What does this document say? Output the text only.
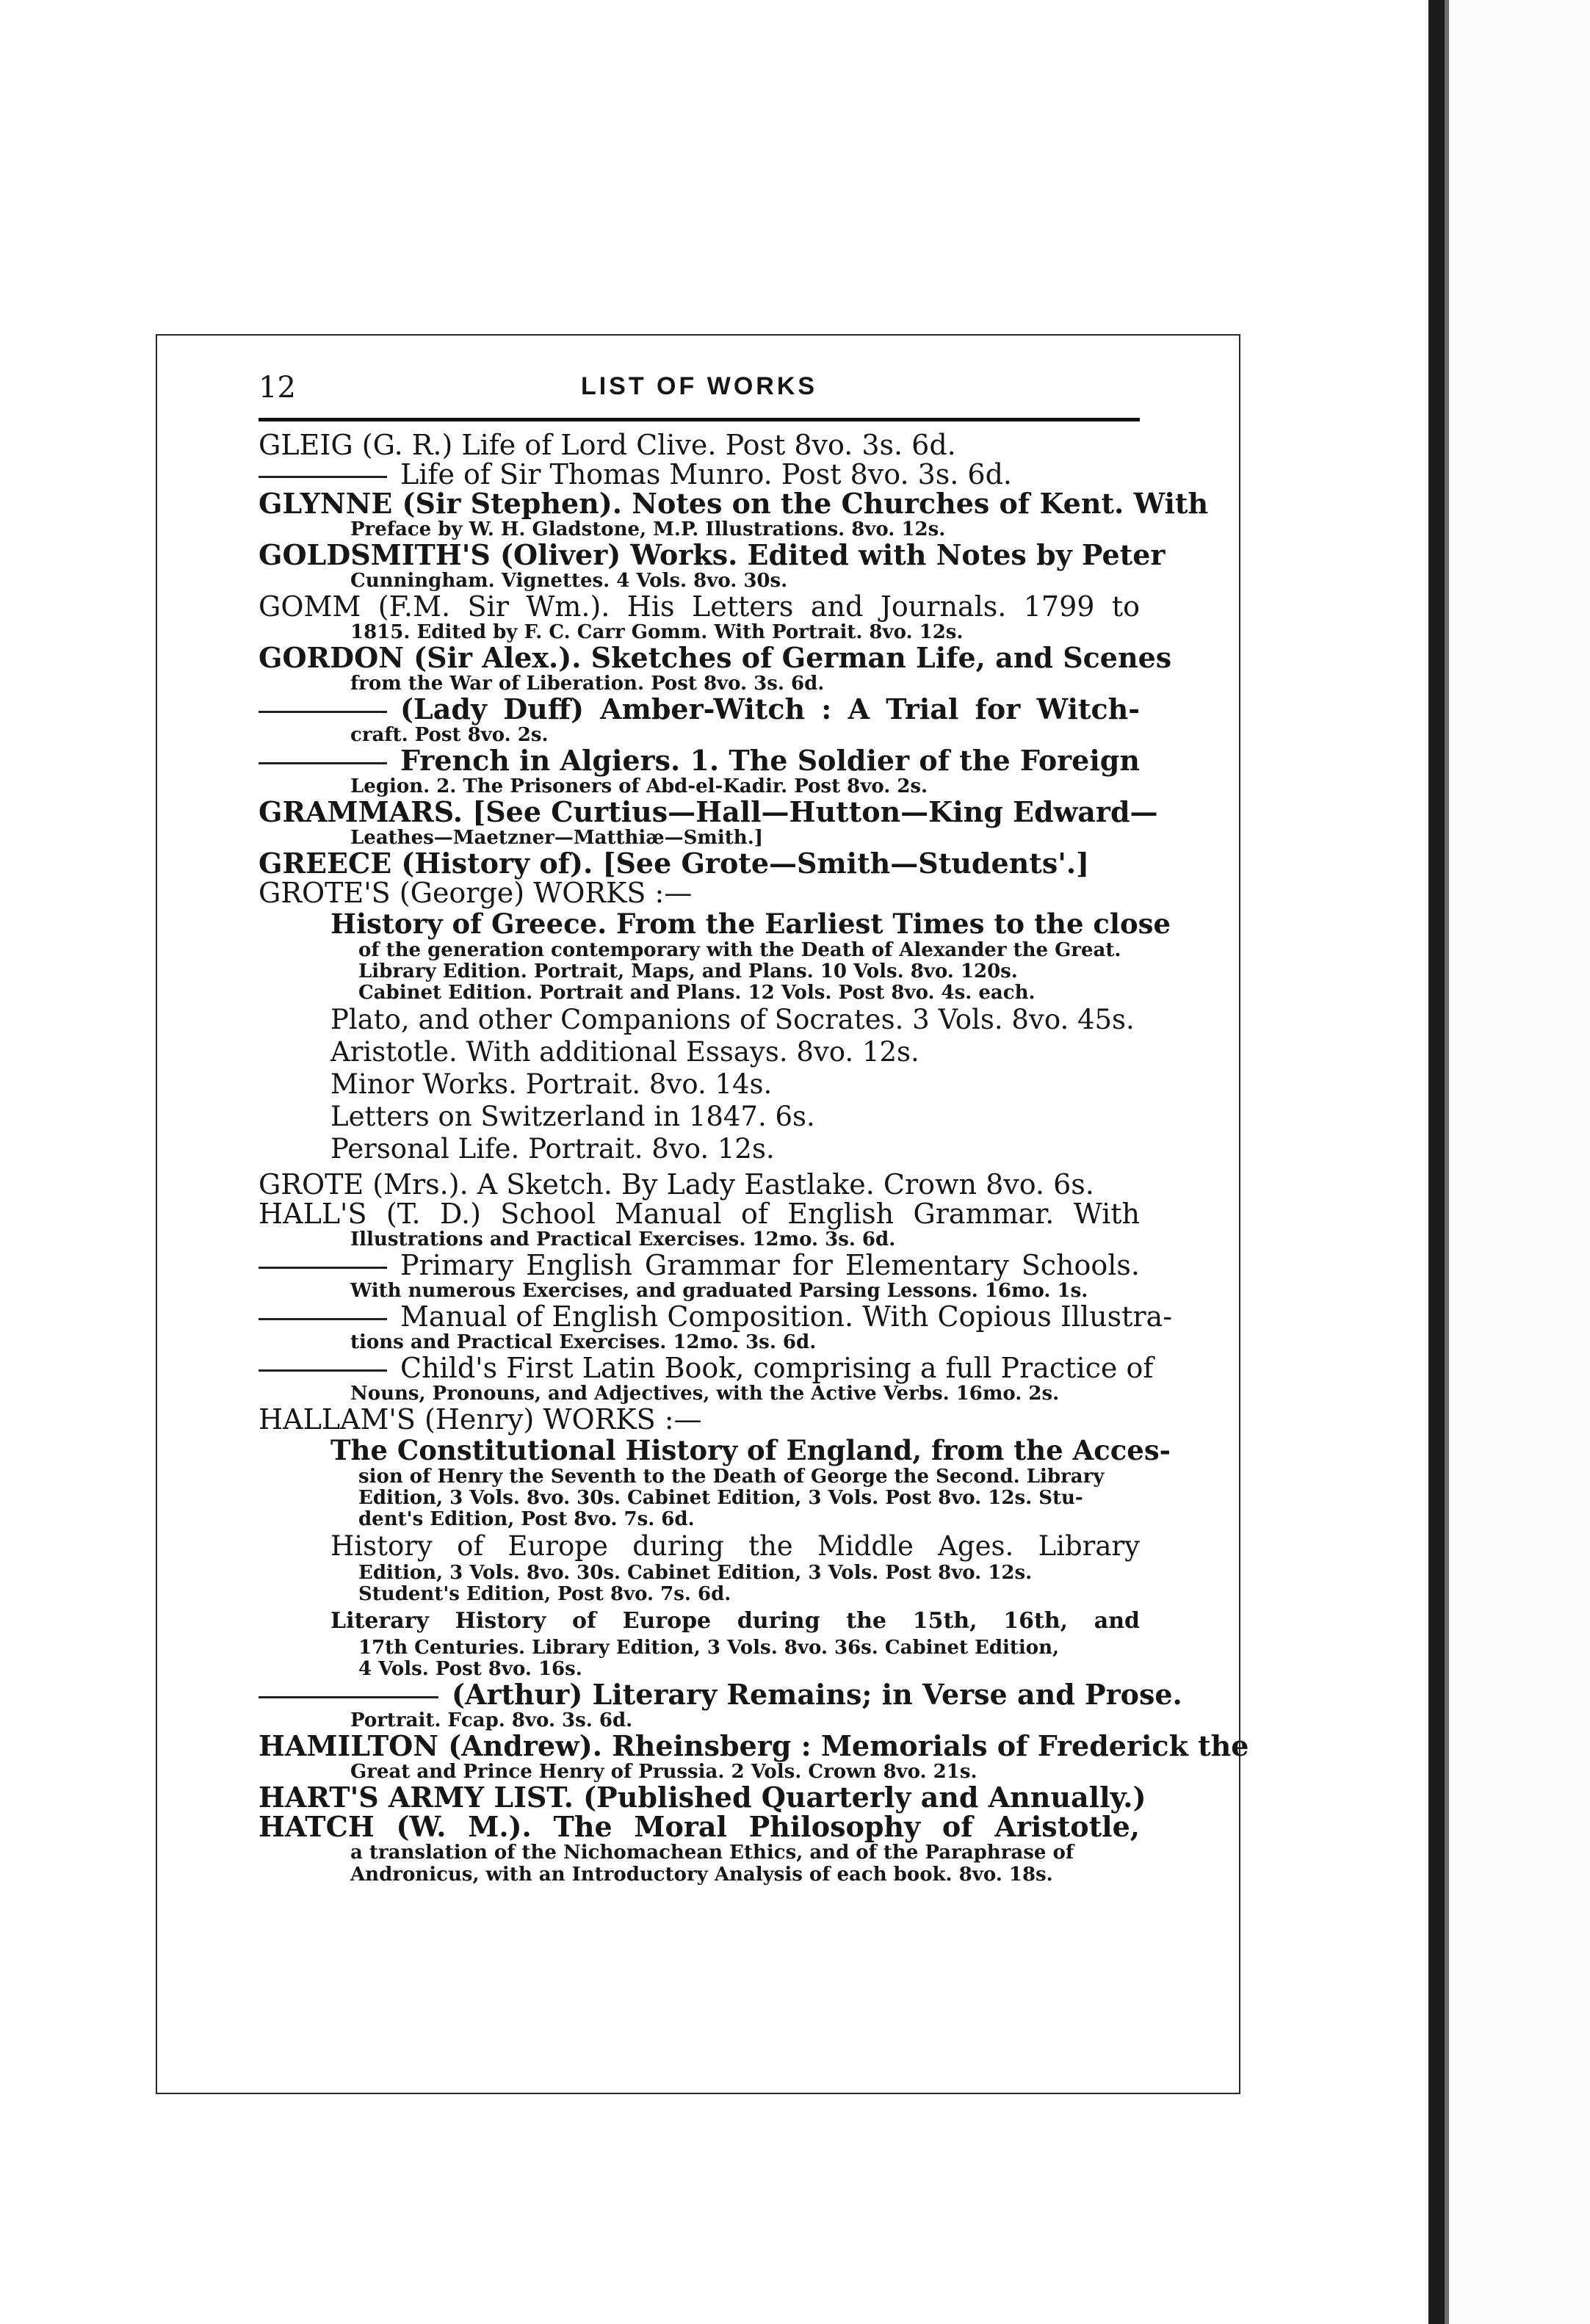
12	LIST OF WORKS
GLEIG (G. R.) Life of Lord Clive. Post 8vo. 3s. 6d.
Life of Sir Thomas Munro. Post 8vo. 3s. 6d.
GLYNNE (Sir Stephen). Notes on the Churches of Kent. With
Preface by W. H. Gladstone, M.P. Illustrations. 8vo. 12s.
GOLDSMITH'S (Oliver) Works. Edited with Notes by Peter
Cunningham. Vignettes. 4 Vols. 8vo. 30s.
GOMM (F.M. Sir Wm.). His Letters and Journals. 1799 to
1815. Edited by F. C. Carr Gomm. With Portrait. 8vo. 12s.
GORDON (Sir Alex.). Sketches of German Life, and Scenes
from the War of Liberation. Post 8vo. 3s. 6d.
(Lady Duff) Amber-Witch : A Trial for Witch-
craft. Post 8vo. 2s.
French in Algiers. 1. The Soldier of the Foreign
Legion. 2. The Prisoners of Abd-el-Kadir. Post 8vo. 2s.
GRAMMARS. [See Curtius—Hall—Hutton—King Edward—
Leathes—Maetzner—Matthiæ—Smith.]
GREECE (History of). [See Grote—Smith—Students'.]
GROTE'S (George) WORKS :—
History of Greece. From the Earliest Times to the close
of the generation contemporary with the Death of Alexander the Great.
Library Edition. Portrait, Maps, and Plans. 10 Vols. 8vo. 120s.
Cabinet Edition. Portrait and Plans. 12 Vols. Post 8vo. 4s. each.
Plato, and other Companions of Socrates. 3 Vols. 8vo. 45s.
Aristotle. With additional Essays. 8vo. 12s.
Minor Works. Portrait. 8vo. 14s.
Letters on Switzerland in 1847. 6s.
Personal Life. Portrait. 8vo. 12s.
GROTE (Mrs.). A Sketch. By Lady Eastlake. Crown 8vo. 6s.
HALL'S (T. D.) School Manual of English Grammar. With
Illustrations and Practical Exercises. 12mo. 3s. 6d.
Primary English Grammar for Elementary Schools.
With numerous Exercises, and graduated Parsing Lessons. 16mo. 1s.
Manual of English Composition. With Copious Illustra-
tions and Practical Exercises. 12mo. 3s. 6d.
Child's First Latin Book, comprising a full Practice of
Nouns, Pronouns, and Adjectives, with the Active Verbs. 16mo. 2s.
HALLAM'S (Henry) WORKS :—
The Constitutional History of England, from the Acces-
sion of Henry the Seventh to the Death of George the Second. Library
Edition, 3 Vols. 8vo. 30s. Cabinet Edition, 3 Vols. Post 8vo. 12s. Stu-
dent's Edition, Post 8vo. 7s. 6d.
History of Europe during the Middle Ages. Library
Edition, 3 Vols. 8vo. 30s. Cabinet Edition, 3 Vols. Post 8vo. 12s.
Student's Edition, Post 8vo. 7s. 6d.
Literary History of Europe during the 15th, 16th, and
17th Centuries. Library Edition, 3 Vols. 8vo. 36s. Cabinet Edition,
4 Vols. Post 8vo. 16s.
(Arthur) Literary Remains; in Verse and Prose.
Portrait. Fcap. 8vo. 3s. 6d.
HAMILTON (Andrew). Rheinsberg : Memorials of Frederick the
Great and Prince Henry of Prussia. 2 Vols. Crown 8vo. 21s.
HART'S ARMY LIST. (Published Quarterly and Annually.)
HATCH (W. M.). The Moral Philosophy of Aristotle,
a translation of the Nichomachean Ethics, and of the Paraphrase of
Andronicus, with an Introductory Analysis of each book. 8vo. 18s.
